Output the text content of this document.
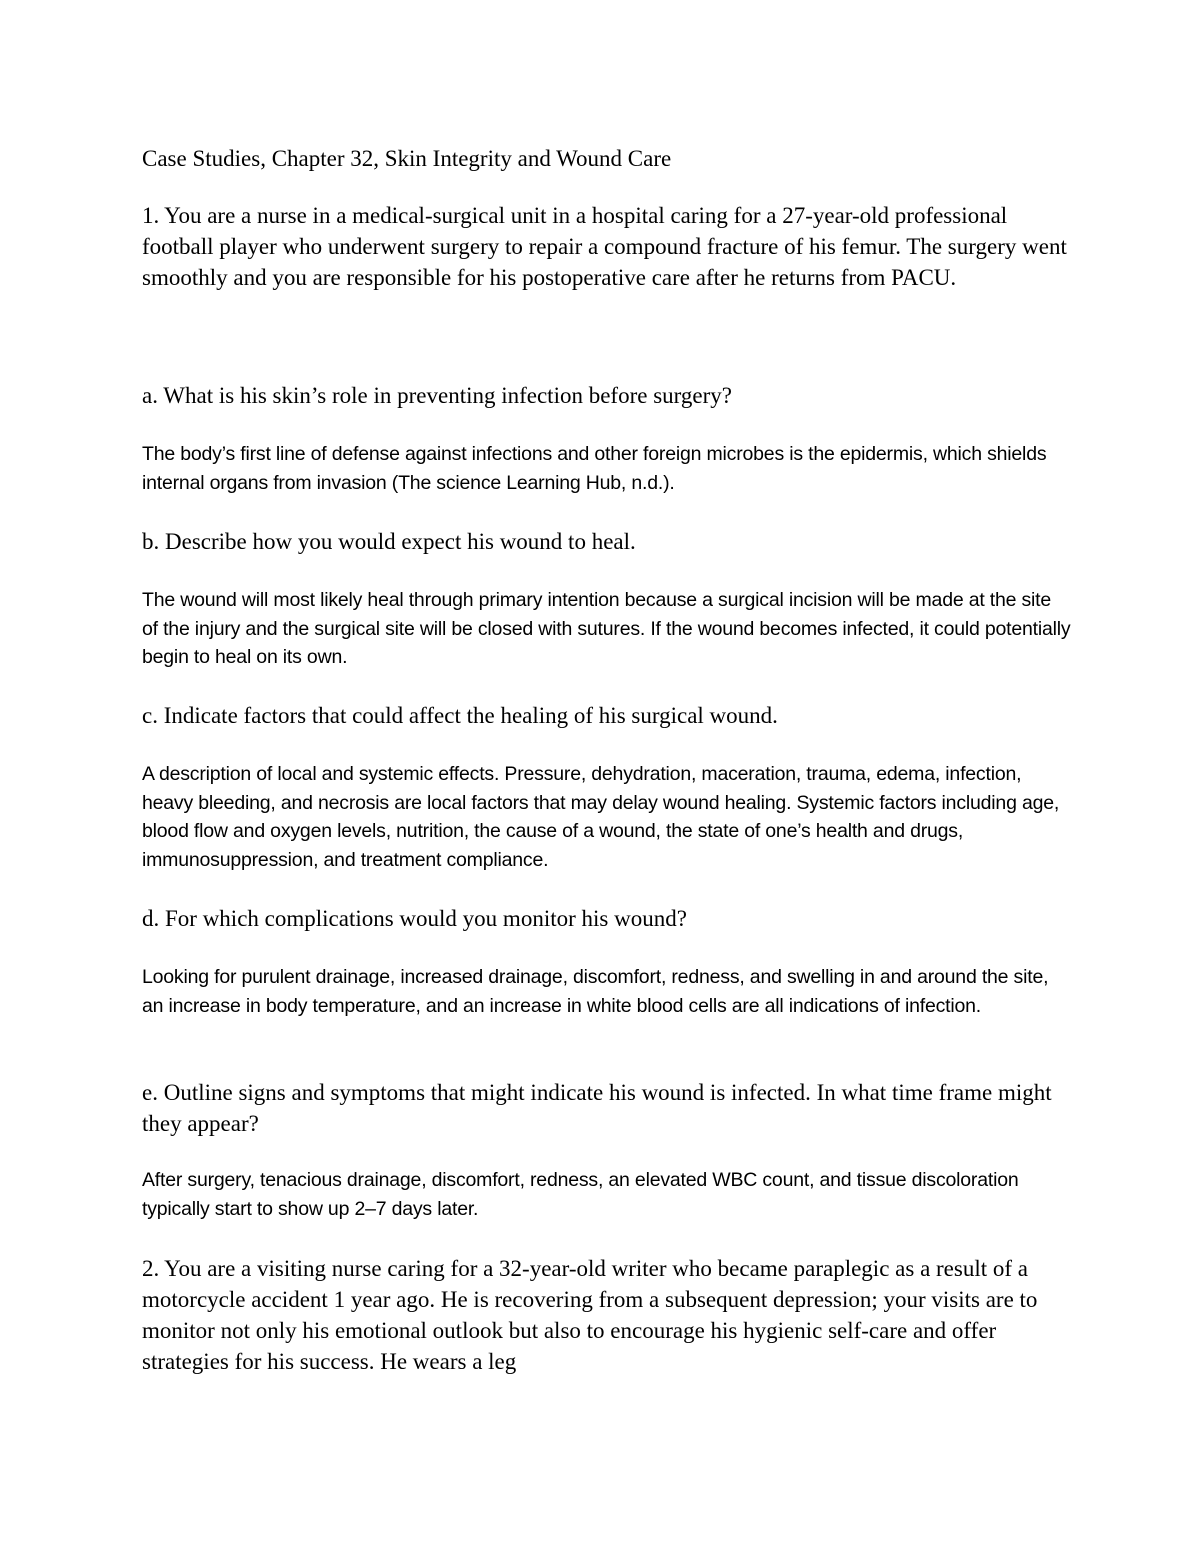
Case Studies, Chapter 32, Skin Integrity and Wound Care

1. You are a nurse in a medical-surgical unit in a hospital caring for a 27-year-old professional football player who underwent surgery to repair a compound fracture of his femur. The surgery went smoothly and you are responsible for his postoperative care after he returns from PACU.

a. What is his skin’s role in preventing infection before surgery?

The body’s first line of defense against infections and other foreign microbes is the epidermis, which shields internal organs from invasion (The science Learning Hub, n.d.).

b. Describe how you would expect his wound to heal.

The wound will most likely heal through primary intention because a surgical incision will be made at the site of the injury and the surgical site will be closed with sutures. If the wound becomes infected, it could potentially begin to heal on its own.

c. Indicate factors that could affect the healing of his surgical wound.

A description of local and systemic effects. Pressure, dehydration, maceration, trauma, edema, infection, heavy bleeding, and necrosis are local factors that may delay wound healing. Systemic factors including age, blood flow and oxygen levels, nutrition, the cause of a wound, the state of one’s health and drugs, immunosuppression, and treatment compliance.

d. For which complications would you monitor his wound?

Looking for purulent drainage, increased drainage, discomfort, redness, and swelling in and around the site, an increase in body temperature, and an increase in white blood cells are all indications of infection.

e. Outline signs and symptoms that might indicate his wound is infected. In what time frame might they appear?

After surgery, tenacious drainage, discomfort, redness, an elevated WBC count, and tissue discoloration typically start to show up 2–7 days later.

2. You are a visiting nurse caring for a 32-year-old writer who became paraplegic as a result of a motorcycle accident 1 year ago. He is recovering from a subsequent depression; your visits are to monitor not only his emotional outlook but also to encourage his hygienic self-care and offer strategies for his success. He wears a leg
